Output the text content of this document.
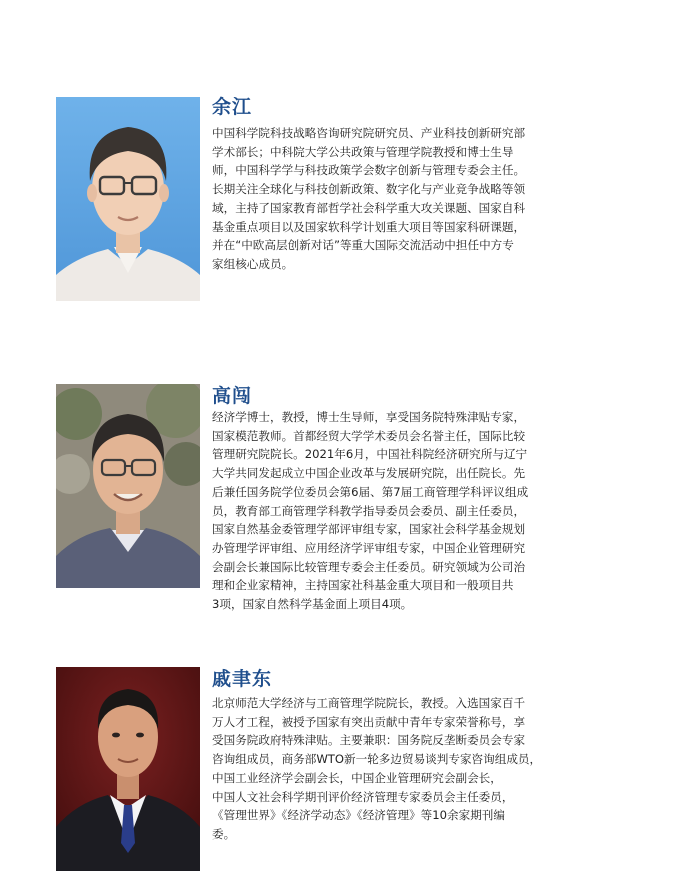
余江

中国科学院科技战略咨询研究院研究员、产业科技创新研究部
学术部长；中科院大学公共政策与管理学院教授和博士生导
师，中国科学学与科技政策学会数字创新与管理专委会主任。
长期关注全球化与科技创新政策、数字化与产业竞争战略等领
域，主持了国家教育部哲学社会科学重大攻关课题、国家自科
基金重点项目以及国家软科学计划重大项目等国家科研课题，
并在“中欧高层创新对话”等重大国际交流活动中担任中方专
家组核心成员。

高闯

经济学博士，教授，博士生导师，享受国务院特殊津贴专家，
国家模范教师。首都经贸大学学术委员会名誉主任，国际比较
管理研究院院长。2021年6月，中国社科院经济研究所与辽宁
大学共同发起成立中国企业改革与发展研究院，出任院长。先
后兼任国务院学位委员会第6届、第7届工商管理学科评议组成
员，教育部工商管理学科教学指导委员会委员、副主任委员，
国家自然基金委管理学部评审组专家，国家社会科学基金规划
办管理学评审组、应用经济学评审组专家，中国企业管理研究
会副会长兼国际比较管理专委会主任委员。研究领域为公司治
理和企业家精神，主持国家社科基金重大项目和一般项目共
3项，国家自然科学基金面上项目4项。

戚聿东

北京师范大学经济与工商管理学院院长，教授。入选国家百千
万人才工程，被授予国家有突出贡献中青年专家荣誉称号，享
受国务院政府特殊津贴。主要兼职：国务院反垄断委员会专家
咨询组成员，商务部WTO新一轮多边贸易谈判专家咨询组成员，
中国工业经济学会副会长，中国企业管理研究会副会长，
中国人文社会科学期刊评价经济管理专家委员会主任委员，
《管理世界》《经济学动态》《经济管理》等10余家期刊编
委。
